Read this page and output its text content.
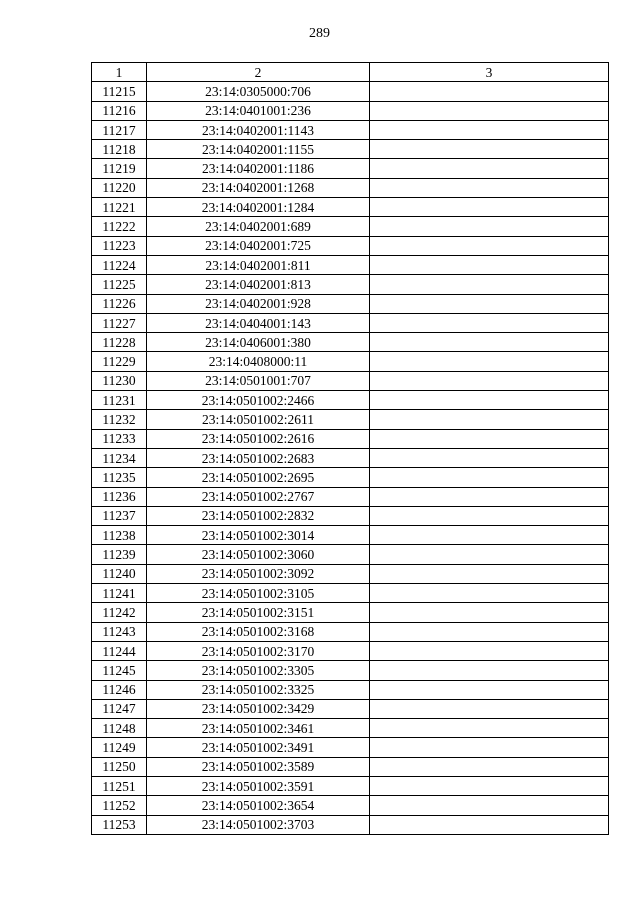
289
1	2	3
11215	23:14:0305000:706	
11216	23:14:0401001:236	
11217	23:14:0402001:1143	
11218	23:14:0402001:1155	
11219	23:14:0402001:1186	
11220	23:14:0402001:1268	
11221	23:14:0402001:1284	
11222	23:14:0402001:689	
11223	23:14:0402001:725	
11224	23:14:0402001:811	
11225	23:14:0402001:813	
11226	23:14:0402001:928	
11227	23:14:0404001:143	
11228	23:14:0406001:380	
11229	23:14:0408000:11	
11230	23:14:0501001:707	
11231	23:14:0501002:2466	
11232	23:14:0501002:2611	
11233	23:14:0501002:2616	
11234	23:14:0501002:2683	
11235	23:14:0501002:2695	
11236	23:14:0501002:2767	
11237	23:14:0501002:2832	
11238	23:14:0501002:3014	
11239	23:14:0501002:3060	
11240	23:14:0501002:3092	
11241	23:14:0501002:3105	
11242	23:14:0501002:3151	
11243	23:14:0501002:3168	
11244	23:14:0501002:3170	
11245	23:14:0501002:3305	
11246	23:14:0501002:3325	
11247	23:14:0501002:3429	
11248	23:14:0501002:3461	
11249	23:14:0501002:3491	
11250	23:14:0501002:3589	
11251	23:14:0501002:3591	
11252	23:14:0501002:3654	
11253	23:14:0501002:3703	
